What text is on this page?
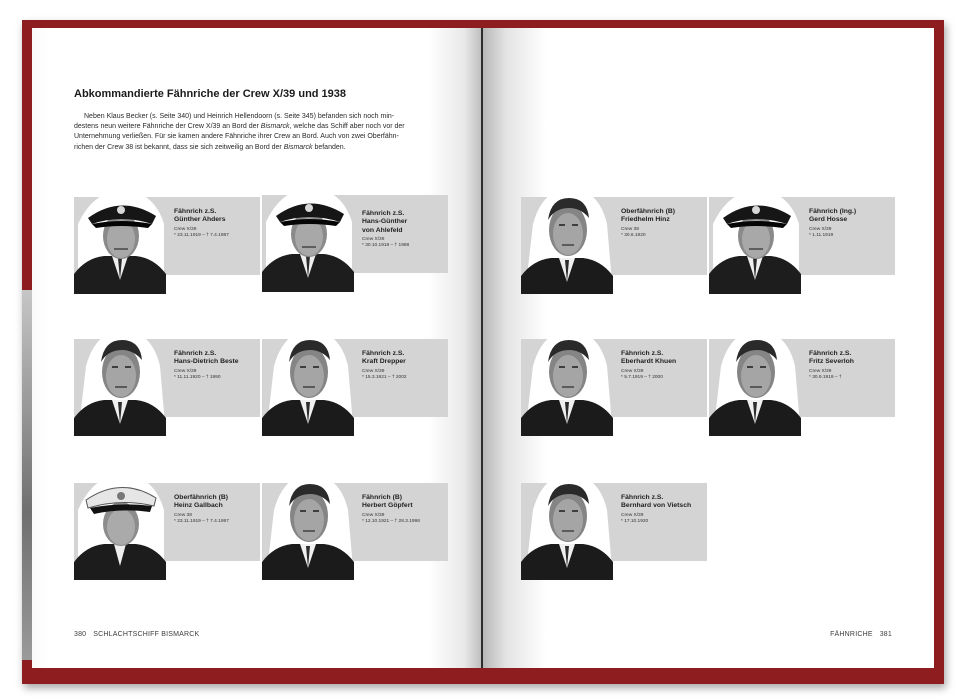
Abkommandierte Fähnriche der Crew X/39 und 1938
Neben Klaus Becker (s. Seite 340) und Heinrich Hellendoorn (s. Seite 345) befanden sich noch min-
destens neun weitere Fähnriche der Crew X/39 an Bord der Bismarck, welche das Schiff aber noch vor der
Unternehmung verließen. Für sie kamen andere Fähnriche ihrer Crew an Bord. Auch von zwei Oberfähn-
richen der Crew 38 ist bekannt, dass sie sich zeitweilig an Bord der Bismarck befanden.
Fähnrich z.S.
Günther Ahders
Crew X/39
* 23.11.1919 – † 7.4.1987
Fähnrich z.S.
Hans-Günther
von Ahlefeld
Crew X/39
* 30.10.1918 – † 1988
Fähnrich z.S.
Hans-Dietrich Beste
Crew X/39
* 11.11.1920 – † 1990
Fähnrich z.S.
Kraft Drepper
Crew X/39
* 15.3.1921 – † 2002
Oberfähnrich (B)
Heinz Gallbach
Crew 38
* 23.11.1919 – † 7.4.1987
Fähnrich (B)
Herbert Göpfert
Crew X/39
* 12.10.1921 – † 28.3.1998
380 SCHLACHTSCHIFF BISMARCK
Oberfähnrich (B)
Friedhelm Hinz
Crew 38
* 30.6.1920
Fähnrich (Ing.)
Gerd Hosse
Crew X/39
* 1.11.1919
Fähnrich z.S.
Eberhardt Khuen
Crew X/39
* 5.7.1919 – † 2000
Fähnrich z.S.
Fritz Severloh
Crew X/39
* 30.9.1919 – †
Fähnrich z.S.
Bernhard von Vietsch
Crew X/39
* 17.10.1920
FÄHNRICHE 381
